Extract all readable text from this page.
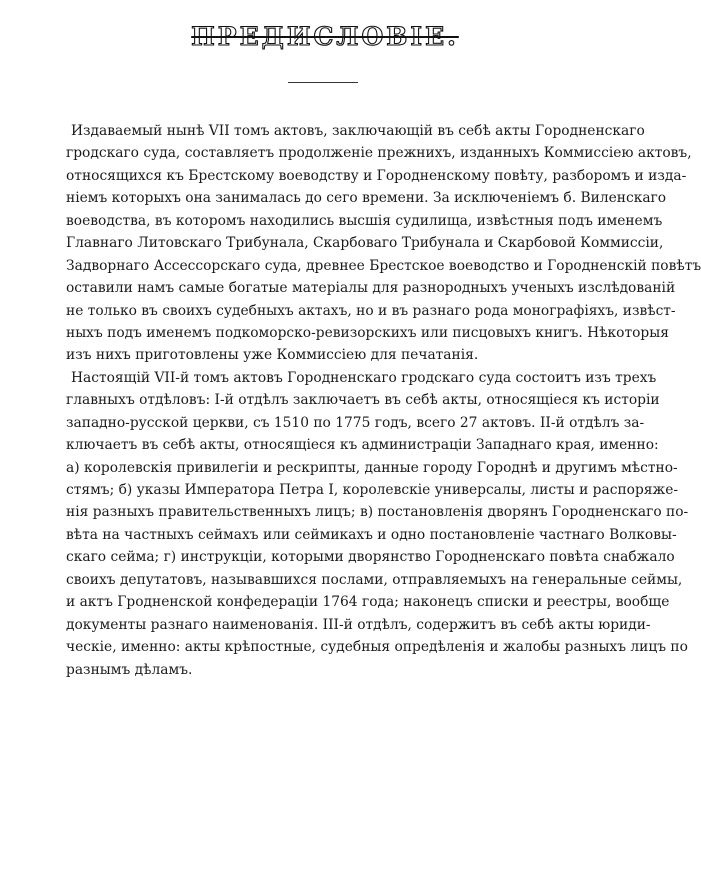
ПРЕДИСЛОВІЕ.
Издаваемый нынѣ VII томъ актовъ, заключающій въ себѣ акты Городненскаго
гродскаго суда, составляетъ продолженіе прежнихъ, изданныхъ Коммиссіею актовъ,
относящихся къ Брестскому воеводству и Городненскому повѣту, разборомъ и изда-
ніемъ которыхъ она занималась до сего времени. За исключеніемъ б. Виленскаго
воеводства, въ которомъ находились высшія судилища, извѣстныя подъ именемъ
Главнаго Литовскаго Трибунала, Скарбоваго Трибунала и Скарбовой Коммиссіи,
Задворнаго Ассессорскаго суда, древнее Брестское воеводство и Городненскій повѣтъ
оставили намъ самые богатые матеріалы для разнородныхъ ученыхъ изслѣдованій
не только въ своихъ судебныхъ актахъ, но и въ разнаго рода монографіяхъ, извѣст-
ныхъ подъ именемъ подкоморско-ревизорскихъ или писцовыхъ книгъ. Нѣкоторыя
изъ нихъ приготовлены уже Коммиссіею для печатанія.
Настоящій VII-й томъ актовъ Городненскаго гродскаго суда состоитъ изъ трехъ
главныхъ отдѣловъ: I-й отдѣлъ заключаетъ въ себѣ акты, относящіеся къ исторіи
западно-русской церкви, съ 1510 по 1775 годъ, всего 27 актовъ. II-й отдѣлъ за-
ключаетъ въ себѣ акты, относящіеся къ администраціи Западнаго края, именно:
а) королевскія привилегіи и рескрипты, данные городу Городнѣ и другимъ мѣстно-
стямъ; б) указы Императора Петра I, королевскіе универсалы, листы и распоряже-
нія разныхъ правительственныхъ лицъ; в) постановленія дворянъ Городненскаго по-
вѣта на частныхъ сеймахъ или сеймикахъ и одно постановленіе частнаго Волковы-
скаго сейма; г) инструкціи, которыми дворянство Городненскаго повѣта снабжало
своихъ депутатовъ, называвшихся послами, отправляемыхъ на генеральные сеймы,
и актъ Гродненской конфедераціи 1764 года; наконецъ списки и реестры, вообще
документы разнаго наименованія. III-й отдѣлъ, содержитъ въ себѣ акты юриди-
ческіе, именно: акты крѣпостные, судебныя опредѣленія и жалобы разныхъ лицъ по
разнымъ дѣламъ.
